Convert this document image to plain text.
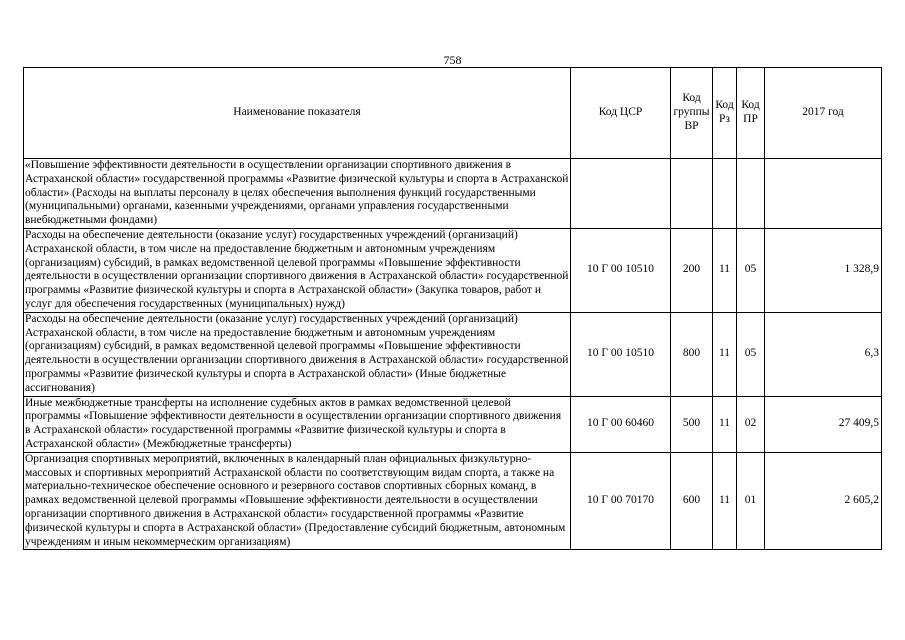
758
Наименование показателя	Код ЦСР	Код группы ВР	Код Рз	Код ПР	2017 год
«Повышение эффективности деятельности в осуществлении организации спортивного движения в Астраханской области» государственной программы «Развитие физической культуры и спорта в Астраханской области» (Расходы на выплаты персоналу в целях обеспечения выполнения функций государственными (муниципальными) органами, казенными учреждениями, органами управления государственными внебюджетными фондами)					
Расходы на обеспечение деятельности (оказание услуг) государственных учреждений (организаций) Астраханской области, в том числе на предоставление бюджетным и автономным учреждениям (организациям) субсидий, в рамках ведомственной целевой программы «Повышение эффективности деятельности в осуществлении организации спортивного движения в Астраханской области» государственной программы «Развитие физической культуры и спорта в Астраханской области» (Закупка товаров, работ и услуг для обеспечения государственных (муниципальных) нужд)	10 Г 00 10510	200	11	05	1 328,9
Расходы на обеспечение деятельности (оказание услуг) государственных учреждений (организаций) Астраханской области, в том числе на предоставление бюджетным и автономным учреждениям (организациям) субсидий, в рамках ведомственной целевой программы «Повышение эффективности деятельности в осуществлении организации спортивного движения в Астраханской области» государственной программы «Развитие физической культуры и спорта в Астраханской области» (Иные бюджетные ассигнования)	10 Г 00 10510	800	11	05	6,3
Иные межбюджетные трансферты на исполнение судебных актов в рамках ведомственной целевой программы «Повышение эффективности деятельности в осуществлении организации спортивного движения в Астраханской области» государственной программы «Развитие физической культуры и спорта в Астраханской области» (Межбюджетные трансферты)	10 Г 00 60460	500	11	02	27 409,5
Организация спортивных мероприятий, включенных в календарный план официальных физкультурно-массовых и спортивных мероприятий Астраханской области по соответствующим видам спорта, а также на материально-техническое обеспечение основного и резервного составов спортивных сборных команд, в рамках ведомственной целевой программы «Повышение эффективности деятельности в осуществлении организации спортивного движения в Астраханской области» государственной программы «Развитие физической культуры и спорта в Астраханской области» (Предоставление субсидий бюджетным, автономным учреждениям и иным некоммерческим организациям)	10 Г 00 70170	600	11	01	2 605,2
